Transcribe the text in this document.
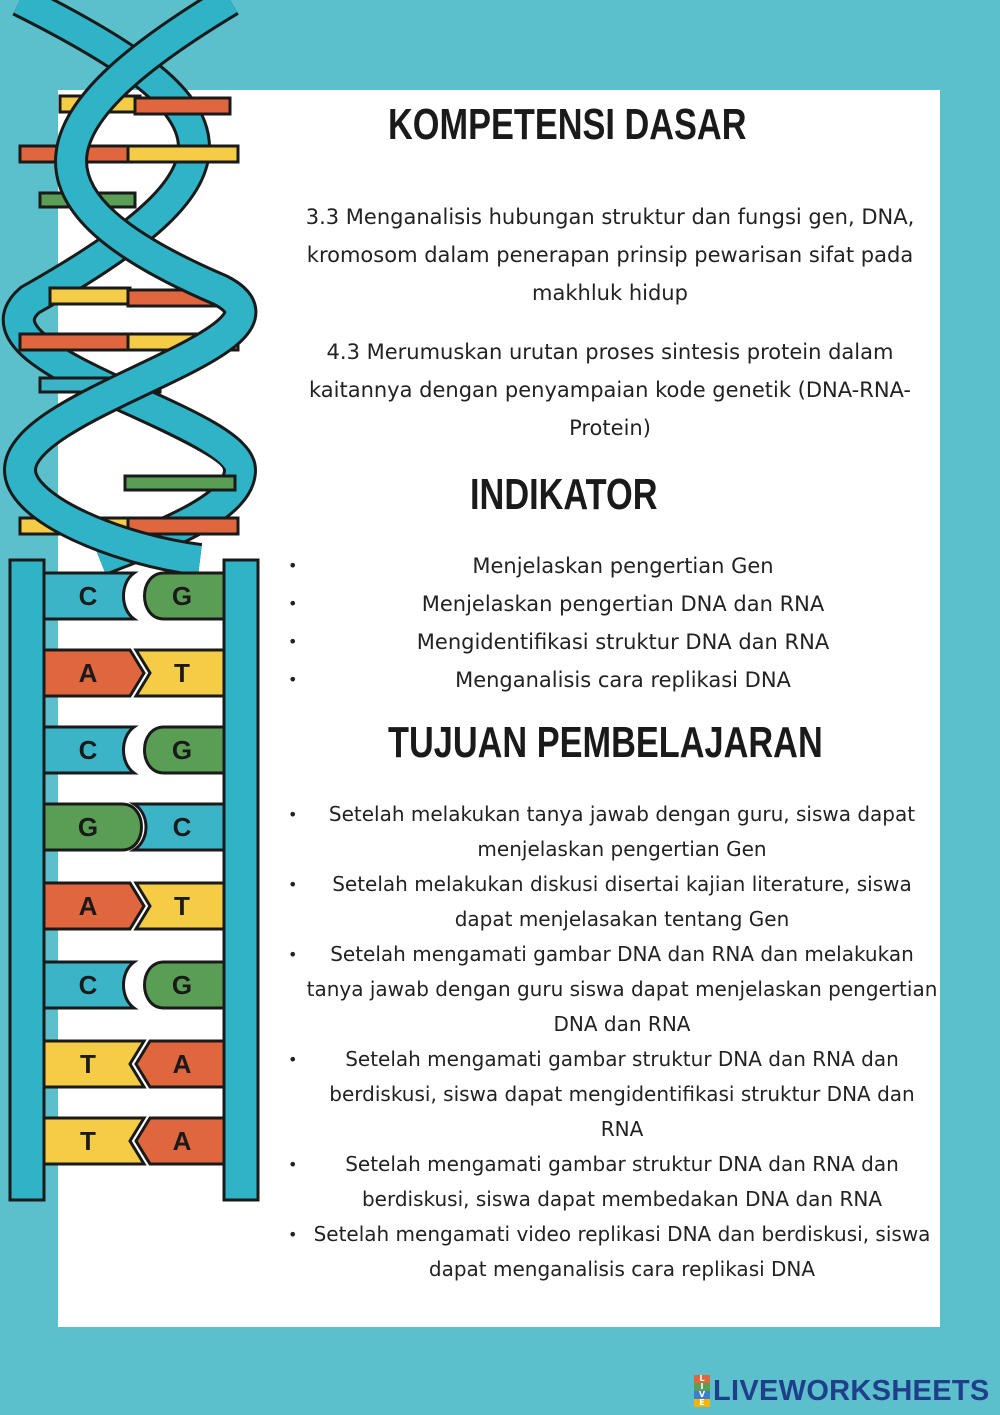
C	G
A	T
C	G
G	C
A	T
C	G
T	A
T	A
KOMPETENSI DASAR
3.3 Menganalisis hubungan struktur dan fungsi gen, DNA, kromosom dalam penerapan prinsip pewarisan sifat pada makhluk hidup
4.3 Merumuskan urutan proses sintesis protein dalam kaitannya dengan penyampaian kode genetik (DNA-RNA-Protein)
INDIKATOR
•	Menjelaskan pengertian Gen
•	Menjelaskan pengertian DNA dan RNA
•	Mengidentifikasi struktur DNA dan RNA
•	Menganalisis cara replikasi DNA
TUJUAN PEMBELAJARAN
•	Setelah melakukan tanya jawab dengan guru, siswa dapat menjelaskan pengertian Gen
•	Setelah melakukan diskusi disertai kajian literature, siswa dapat menjelasakan tentang Gen
•	Setelah mengamati gambar DNA dan RNA dan melakukan tanya jawab dengan guru siswa dapat menjelaskan pengertian DNA dan RNA
•	Setelah mengamati gambar struktur DNA dan RNA dan berdiskusi, siswa dapat mengidentifikasi struktur DNA dan RNA
•	Setelah mengamati gambar struktur DNA dan RNA dan berdiskusi, siswa dapat membedakan DNA dan RNA
• Setelah mengamati video replikasi DNA dan berdiskusi, siswa dapat menganalisis cara replikasi DNA
L
I
V
E LIVEWORKSHEETS
